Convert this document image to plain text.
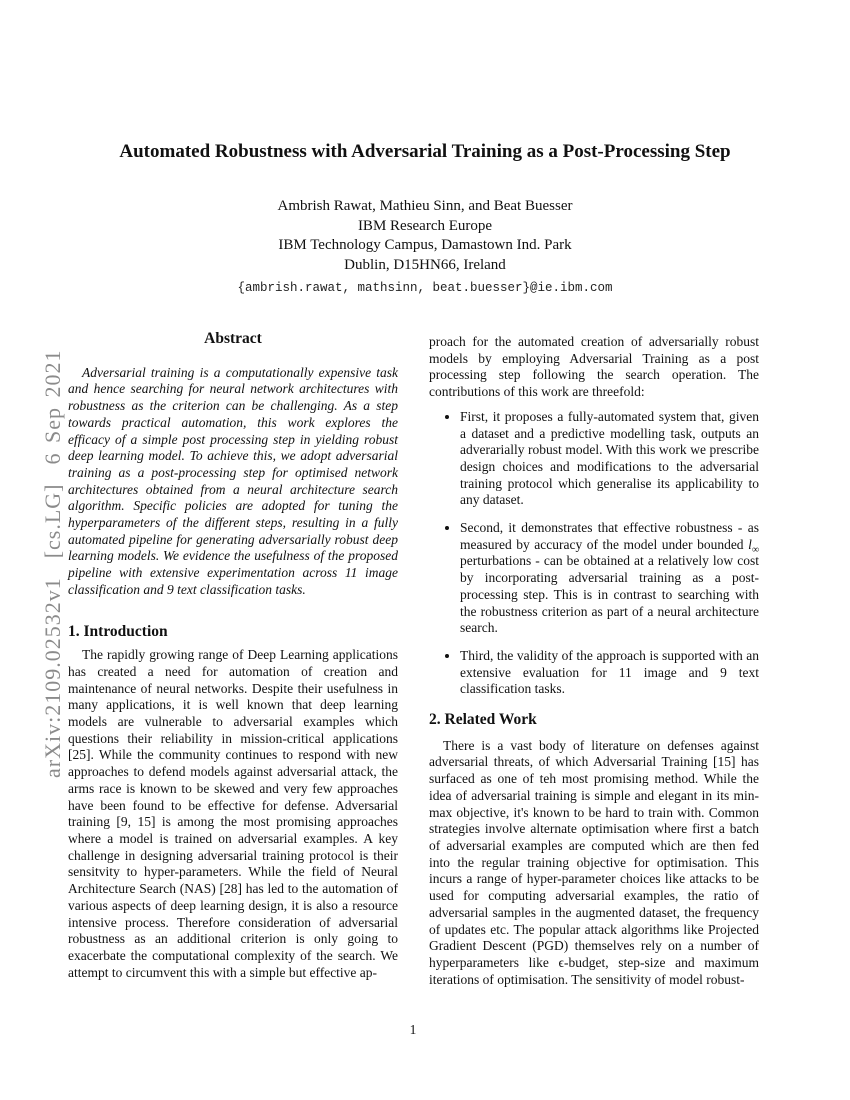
arXiv:2109.02532v1  [cs.LG]  6 Sep 2021
Automated Robustness with Adversarial Training as a Post-Processing Step
Ambrish Rawat, Mathieu Sinn, and Beat Buesser
IBM Research Europe
IBM Technology Campus, Damastown Ind. Park
Dublin, D15HN66, Ireland
{ambrish.rawat, mathsinn, beat.buesser}@ie.ibm.com
Abstract

Adversarial training is a computationally expensive task and hence searching for neural network architectures with robustness as the criterion can be challenging. As a step towards practical automation, this work explores the efficacy of a simple post processing step in yielding robust deep learning model. To achieve this, we adopt adversarial training as a post-processing step for optimised network architectures obtained from a neural architecture search algorithm. Specific policies are adopted for tuning the hyperparameters of the different steps, resulting in a fully automated pipeline for generating adversarially robust deep learning models. We evidence the usefulness of the proposed pipeline with extensive experimentation across 11 image classification and 9 text classification tasks.

1. Introduction

The rapidly growing range of Deep Learning applications has created a need for automation of creation and maintenance of neural networks. Despite their usefulness in many applications, it is well known that deep learning models are vulnerable to adversarial examples which questions their reliability in mission-critical applications [25]. While the community continues to respond with new approaches to defend models against adversarial attack, the arms race is known to be skewed and very few approaches have been found to be effective for defense. Adversarial training [9, 15] is among the most promising approaches where a model is trained on adversarial examples. A key challenge in designing adversarial training protocol is their sensitvity to hyper-parameters. While the field of Neural Architecture Search (NAS) [28] has led to the automation of various aspects of deep learning design, it is also a resource intensive process. Therefore consideration of adversarial robustness as an additional criterion is only going to exacerbate the computational complexity of the search. We attempt to circumvent this with a simple but effective ap-

proach for the automated creation of adversarially robust models by employing Adversarial Training as a post processing step following the search operation. The contributions of this work are threefold:

• First, it proposes a fully-automated system that, given a dataset and a predictive modelling task, outputs an adverarially robust model. With this work we prescribe design choices and modifications to the adversarial training protocol which generalise its applicability to any dataset.
• Second, it demonstrates that effective robustness - as measured by accuracy of the model under bounded $l_\infty$ perturbations - can be obtained at a relatively low cost by incorporating adversarial training as a post-processing step. This is in contrast to searching with the robustness criterion as part of a neural architecture search.
• Third, the validity of the approach is supported with an extensive evaluation for 11 image and 9 text classification tasks.
2. Related Work

There is a vast body of literature on defenses against adversarial threats, of which Adversarial Training [15] has surfaced as one of teh most promising method. While the idea of adversarial training is simple and elegant in its min-max objective, it's known to be hard to train with. Common strategies involve alternate optimisation where first a batch of adversarial examples are computed which are then fed into the regular training objective for optimisation. This incurs a range of hyper-parameter choices like attacks to be used for computing adversarial examples, the ratio of adversarial samples in the augmented dataset, the frequency of updates etc. The popular attack algorithms like Projected Gradient Descent (PGD) themselves rely on a number of hyperparameters like ϵ-budget, step-size and maximum iterations of optimisation. The sensitivity of model robust-

1
